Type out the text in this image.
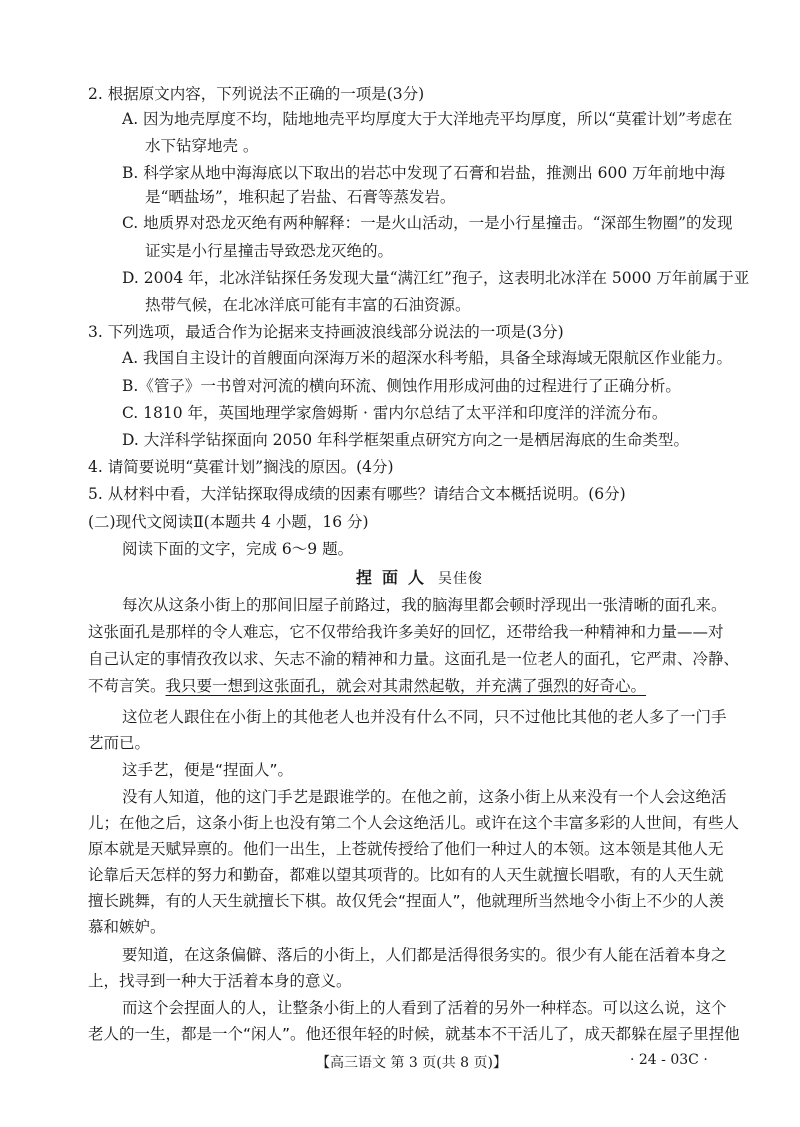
2. 根据原文内容，下列说法不正确的一项是(3分)
A. 因为地壳厚度不均，陆地地壳平均厚度大于大洋地壳平均厚度，所以“莫霍计划”考虑在
水下钻穿地壳 。
B. 科学家从地中海海底以下取出的岩芯中发现了石膏和岩盐，推测出 600 万年前地中海
是“晒盐场”，堆积起了岩盐、石膏等蒸发岩。
C. 地质界对恐龙灭绝有两种解释：一是火山活动，一是小行星撞击。“深部生物圈”的发现
证实是小行星撞击导致恐龙灭绝的。
D. 2004 年，北冰洋钻探任务发现大量“满江红”孢子，这表明北冰洋在 5000 万年前属于亚
热带气候，在北冰洋底可能有丰富的石油资源。
3. 下列选项，最适合作为论据来支持画波浪线部分说法的一项是(3分)
A. 我国自主设计的首艘面向深海万米的超深水科考船，具备全球海域无限航区作业能力。
B.《管子》一书曾对河流的横向环流、侧蚀作用形成河曲的过程进行了正确分析。
C. 1810 年，英国地理学家詹姆斯 · 雷内尔总结了太平洋和印度洋的洋流分布。
D. 大洋科学钻探面向 2050 年科学框架重点研究方向之一是栖居海底的生命类型。
4. 请简要说明“莫霍计划”搁浅的原因。(4分)
5. 从材料中看，大洋钻探取得成绩的因素有哪些？请结合文本概括说明。(6分)
(二)现代文阅读Ⅱ(本题共 4 小题，16 分)
阅读下面的文字，完成 6～9 题。
捏面人 吴佳俊
每次从这条小街上的那间旧屋子前路过，我的脑海里都会顿时浮现出一张清晰的面孔来。
这张面孔是那样的令人难忘，它不仅带给我许多美好的回忆，还带给我一种精神和力量——对
自己认定的事情孜孜以求、矢志不渝的精神和力量。这面孔是一位老人的面孔，它严肃、冷静、
不苟言笑。我只要一想到这张面孔，就会对其肃然起敬，并充满了强烈的好奇心。
这位老人跟住在小街上的其他老人也并没有什么不同，只不过他比其他的老人多了一门手
艺而已。
这手艺，便是“捏面人”。
没有人知道，他的这门手艺是跟谁学的。在他之前，这条小街上从来没有一个人会这绝活
儿；在他之后，这条小街上也没有第二个人会这绝活儿。或许在这个丰富多彩的人世间，有些人
原本就是天赋异禀的。他们一出生，上苍就传授给了他们一种过人的本领。这本领是其他人无
论靠后天怎样的努力和勤奋，都难以望其项背的。比如有的人天生就擅长唱歌，有的人天生就
擅长跳舞，有的人天生就擅长下棋。故仅凭会“捏面人”，他就理所当然地令小街上不少的人羡
慕和嫉妒。
要知道，在这条偏僻、落后的小街上，人们都是活得很务实的。很少有人能在活着本身之
上，找寻到一种大于活着本身的意义。
而这个会捏面人的人，让整条小街上的人看到了活着的另外一种样态。可以这么说，这个
老人的一生，都是一个“闲人”。他还很年轻的时候，就基本不干活儿了，成天都躲在屋子里捏他
【高三语文 第 3 页(共 8 页)】	· 24 - 03C ·
